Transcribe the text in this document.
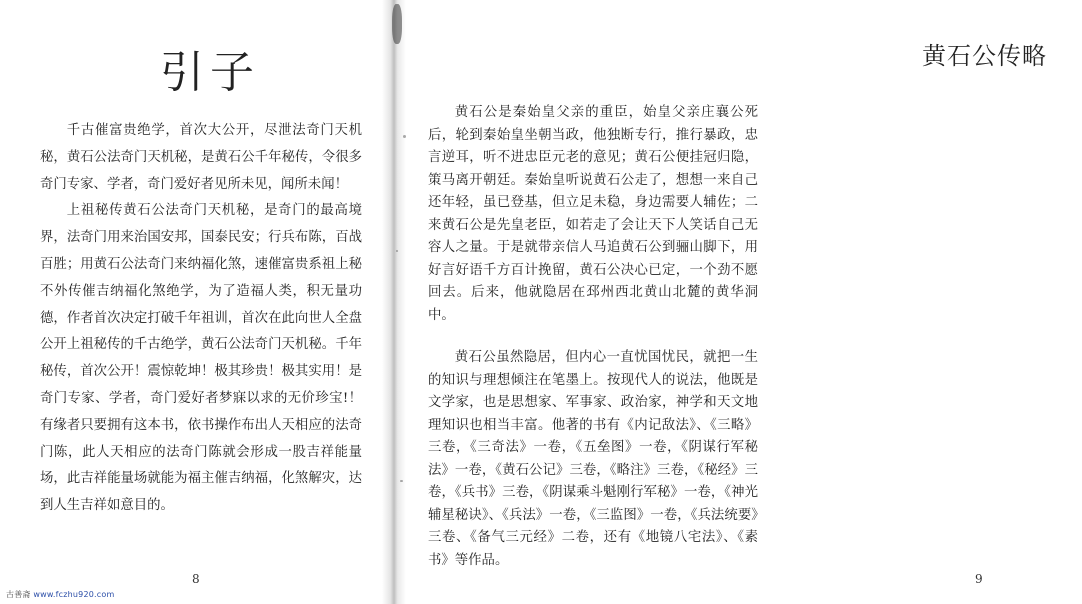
引子

千古催富贵绝学，首次大公开，尽泄法奇门天机秘，黄石公法奇门天机秘，是黄石公千年秘传，令很多奇门专家、学者，奇门爱好者见所未见，闻所未闻！

上祖秘传黄石公法奇门天机秘，是奇门的最高境界，法奇门用来治国安邦，国泰民安；行兵布陈，百战百胜；用黄石公法奇门来纳福化煞，速催富贵系祖上秘不外传催吉纳福化煞绝学，为了造福人类，积无量功德，作者首次决定打破千年祖训，首次在此向世人全盘公开上祖秘传的千古绝学，黄石公法奇门天机秘。千年秘传，首次公开！震惊乾坤！极其珍贵！极其实用！是奇门专家、学者，奇门爱好者梦寐以求的无价珍宝!！有缘者只要拥有这本书，依书操作布出人天相应的法奇门陈，此人天相应的法奇门陈就会形成一股吉祥能量场，此吉祥能量场就能为福主催吉纳福，化煞解灾，达到人生吉祥如意目的。

8
黄石公传略
9

黄石公是秦始皇父亲的重臣，始皇父亲庄襄公死后，轮到秦始皇坐朝当政，他独断专行，推行暴政，忠言逆耳，听不进忠臣元老的意见；黄石公便挂冠归隐，策马离开朝廷。秦始皇听说黄石公走了，想想一来自己还年轻，虽已登基，但立足未稳，身边需要人辅佐；二来黄石公是先皇老臣，如若走了会让天下人笑话自己无容人之量。于是就带亲信人马追黄石公到骊山脚下，用好言好语千方百计挽留，黄石公决心已定，一个劲不愿回去。后来，他就隐居在邳州西北黄山北麓的黄华洞中。

黄石公虽然隐居，但内心一直忧国忧民，就把一生的知识与理想倾注在笔墨上。按现代人的说法，他既是文学家，也是思想家、军事家、政治家，神学和天文地理知识也相当丰富。他著的书有《内记敌法》、《三略》三卷，《三奇法》一卷，《五垒图》一卷，《阴谋行军秘法》一卷，《黄石公记》三卷，《略注》三卷，《秘经》三卷，《兵书》三卷，《阴谋乘斗魁刚行军秘》一卷，《神光辅星秘诀》、《兵法》一卷，《三监图》一卷，《兵法统要》三卷、《备气三元经》二卷，还有《地镜八宅法》、《素书》等作品。

古善斋 www.fczhu920.com
